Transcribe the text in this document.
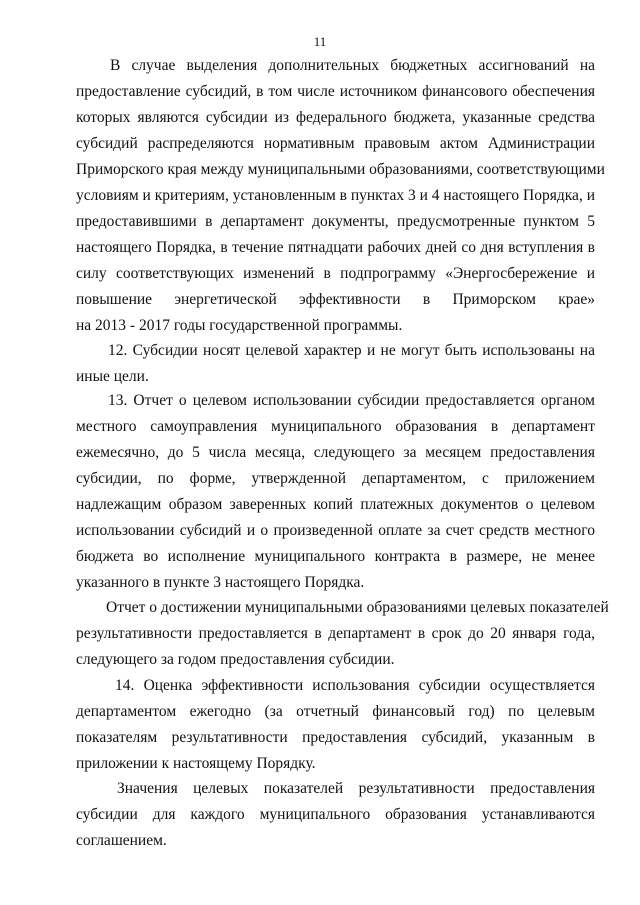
11
В случае выделения дополнительных бюджетных ассигнований на
предоставление субсидий, в том числе источником финансового обеспечения
которых являются субсидии из федерального бюджета, указанные средства
субсидий распределяются нормативным правовым актом Администрации
Приморского края между муниципальными образованиями, соответствующими
условиям и критериям, установленным в пунктах 3 и 4 настоящего Порядка, и
предоставившими в департамент документы, предусмотренные пунктом 5
настоящего Порядка, в течение пятнадцати рабочих дней со дня вступления в
силу соответствующих изменений в подпрограмму «Энергосбережение и
повышение энергетической эффективности в Приморском крае»
на 2013 - 2017 годы государственной программы.
12. Субсидии носят целевой характер и не могут быть использованы на
иные цели.
13. Отчет о целевом использовании субсидии предоставляется органом
местного самоуправления муниципального образования в департамент
ежемесячно, до 5 числа месяца, следующего за месяцем предоставления
субсидии, по форме, утвержденной департаментом, с приложением
надлежащим образом заверенных копий платежных документов о целевом
использовании субсидий и о произведенной оплате за счет средств местного
бюджета во исполнение муниципального контракта в размере, не менее
указанного в пункте 3 настоящего Порядка.
Отчет о достижении муниципальными образованиями целевых показателей
результативности предоставляется в департамент в срок до 20 января года,
следующего за годом предоставления субсидии.
14. Оценка эффективности использования субсидии осуществляется
департаментом ежегодно (за отчетный финансовый год) по целевым
показателям результативности предоставления субсидий, указанным в
приложении к настоящему Порядку.
Значения целевых показателей результативности предоставления
субсидии для каждого муниципального образования устанавливаются
соглашением.
